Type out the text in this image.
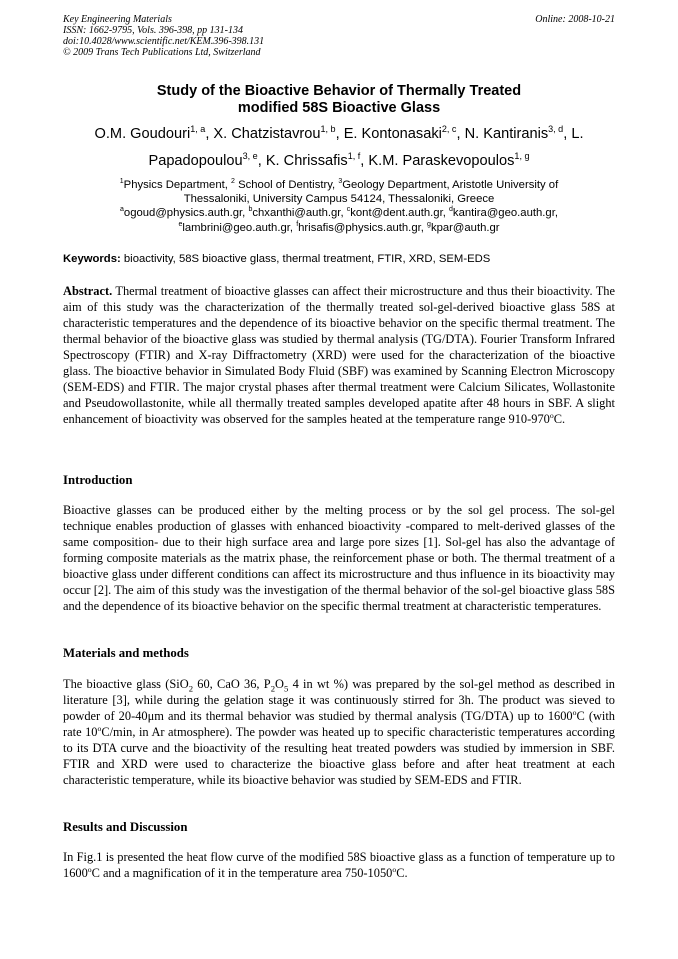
Key Engineering Materials
ISSN: 1662-9795, Vols. 396-398, pp 131-134
doi:10.4028/www.scientific.net/KEM.396-398.131
© 2009 Trans Tech Publications Ltd, Switzerland
Online: 2008-10-21
Study of the Bioactive Behavior of Thermally Treated
modified 58S Bioactive Glass
O.M. Goudouri$^{1, a}$, X. Chatzistavrou$^{1, b}$, E. Kontonasaki$^{2, c}$, N. Kantiranis$^{3, d}$, L. Papadopoulou$^{3, e}$, K. Chrissafis$^{1, f}$, K.M. Paraskevopoulos$^{1, g}$
$^1$Physics Department, $^2$ School of Dentistry, $^3$Geology Department, Aristotle University of
Thessaloniki, University Campus 54124, Thessaloniki, Greece
$^a$ogoud@physics.auth.gr, $^b$chxanthi@auth.gr, $^c$kont@dent.auth.gr, $^d$kantira@geo.auth.gr,
$^e$lambrini@geo.auth.gr, $^f$hrisafis@physics.auth.gr, $^g$kpar@auth.gr
Keywords: bioactivity, 58S bioactive glass, thermal treatment, FTIR, XRD, SEM-EDS

Abstract. Thermal treatment of bioactive glasses can affect their microstructure and thus their bioactivity. The aim of this study was the characterization of the thermally treated sol-gel-derived bioactive glass 58S at characteristic temperatures and the dependence of its bioactive behavior on the specific thermal treatment. The thermal behavior of the bioactive glass was studied by thermal analysis (TG/DTA). Fourier Transform Infrared Spectroscopy (FTIR) and X-ray Diffractometry (XRD) were used for the characterization of the bioactive glass. The bioactive behavior in Simulated Body Fluid (SBF) was examined by Scanning Electron Microscopy (SEM-EDS) and FTIR. The major crystal phases after thermal treatment were Calcium Silicates, Wollastonite and Pseudowollastonite, while all thermally treated samples developed apatite after 48 hours in SBF. A slight enhancement of bioactivity was observed for the samples heated at the temperature range 910-970$^o$C.

Introduction

Bioactive glasses can be produced either by the melting process or by the sol gel process. The sol-gel technique enables production of glasses with enhanced bioactivity -compared to melt-derived glasses of the same composition- due to their high surface area and large pore sizes [1]. Sol-gel has also the advantage of forming composite materials as the matrix phase, the reinforcement phase or both. The thermal treatment of a bioactive glass under different conditions can affect its microstructure and thus influence in its bioactivity may occur [2]. The aim of this study was the investigation of the thermal behavior of the sol-gel bioactive glass 58S and the dependence of its bioactive behavior on the specific thermal treatment at characteristic temperatures.

Materials and methods

The bioactive glass (SiO$_2$ 60, CaO 36, $P_2O_5$ 4 in wt %) was prepared by the sol-gel method as described in literature [3], while during the gelation stage it was continuously stirred for 3h. The product was sieved to powder of 20-40μm and its thermal behavior was studied by thermal analysis (TG/DTA) up to 1600$^o$C (with rate 10$^o$C/min, in Ar atmosphere). The powder was heated up to specific characteristic temperatures according to its DTA curve and the bioactivity of the resulting heat treated powders was studied by immersion in SBF. FTIR and XRD were used to characterize the bioactive glass before and after heat treatment at each characteristic temperature, while its bioactive behavior was studied by SEM-EDS and FTIR.

Results and Discussion

In Fig.1 is presented the heat flow curve of the modified 58S bioactive glass as a function of temperature up to 1600$^o$C and a magnification of it in the temperature area 750-1050$^o$C.
